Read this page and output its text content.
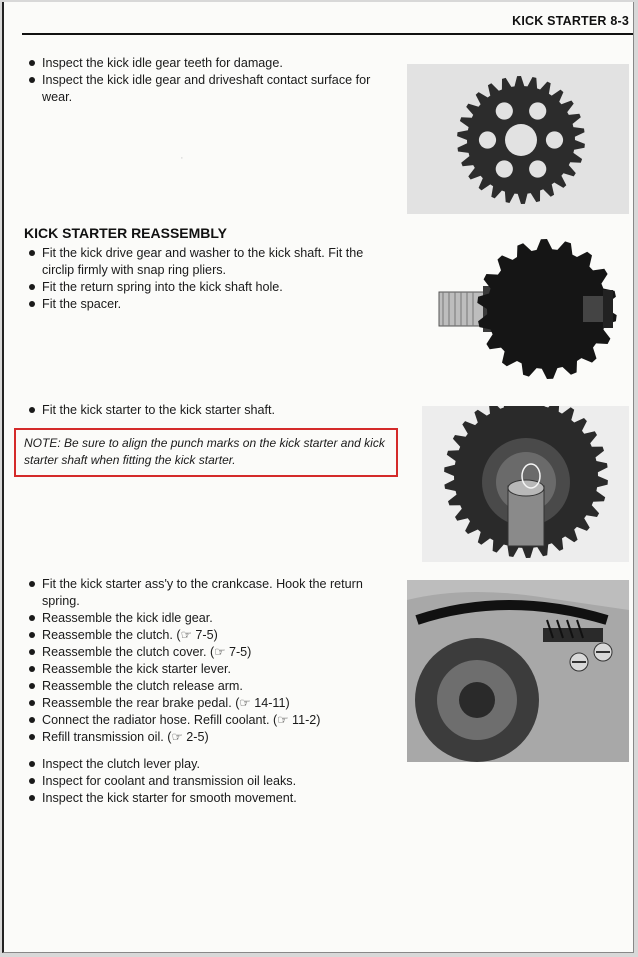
KICK STARTER 8-3
Inspect the kick idle gear teeth for damage.
Inspect the kick idle gear and driveshaft contact surface for wear.
KICK STARTER REASSEMBLY
Fit the kick drive gear and washer to the kick shaft. Fit the circlip firmly with snap ring pliers.
Fit the return spring into the kick shaft hole.
Fit the spacer.
Fit the kick starter to the kick starter shaft.
NOTE: Be sure to align the punch marks on the kick starter and kick starter shaft when fitting the kick starter.
Fit the kick starter ass'y to the crankcase. Hook the return spring.
Reassemble the kick idle gear.
Reassemble the clutch. (☞ 7-5)
Reassemble the clutch cover. (☞ 7-5)
Reassemble the kick starter lever.
Reassemble the clutch release arm.
Reassemble the rear brake pedal. (☞ 14-11)
Connect the radiator hose. Refill coolant. (☞ 11-2)
Refill transmission oil. (☞ 2-5)
Inspect the clutch lever play.
Inspect for coolant and transmission oil leaks.
Inspect the kick starter for smooth movement.
·
